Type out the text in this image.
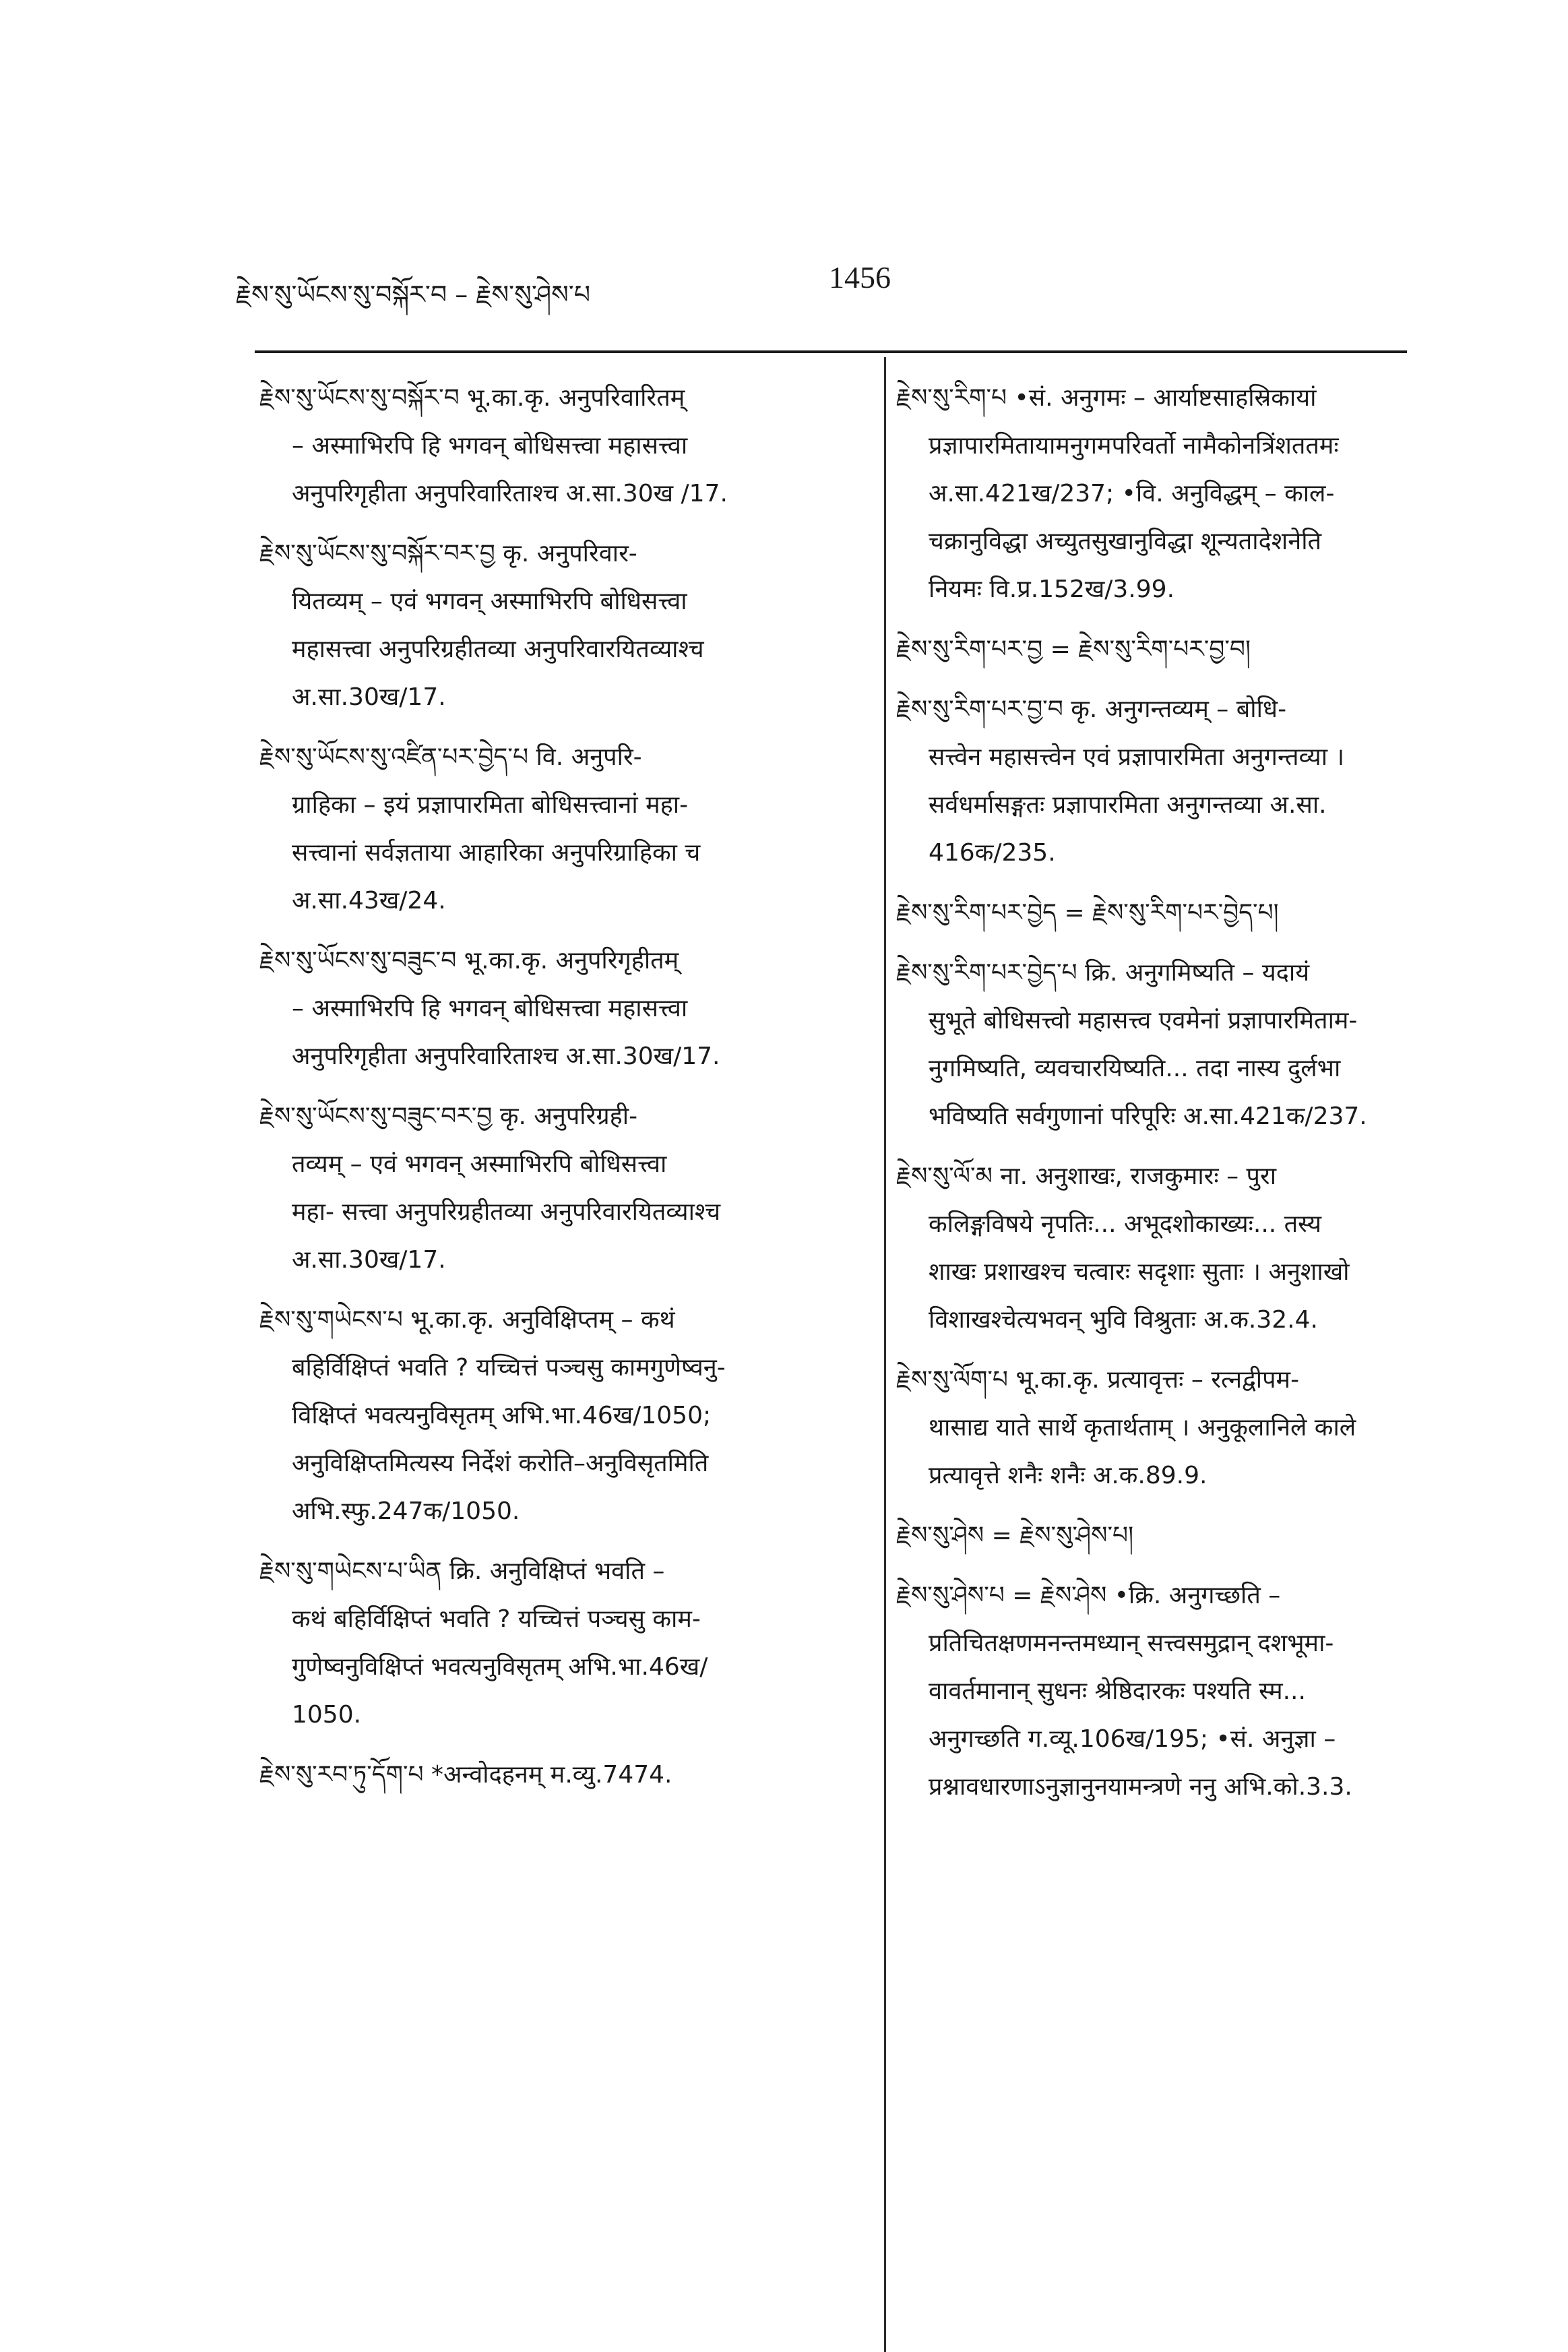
རྗེས་སུ་ཡོངས་སུ་བསྐོར་བ – རྗེས་སུ་ཤེས་པ	1456
རྗེས་སུ་ཡོངས་སུ་བསྐོར་བ भू.का.कृ. अनुपरिवारितम्
– अस्माभिरपि हि भगवन् बोधिसत्त्वा महासत्त्वा
अनुपरिगृहीता अनुपरिवारिताश्च अ.सा.30ख /17.
རྗེས་སུ་ཡོངས་སུ་བསྐོར་བར་བྱ कृ. अनुपरिवार-
यितव्यम् – एवं भगवन् अस्माभिरपि बोधिसत्त्वा
महासत्त्वा अनुपरिग्रहीतव्या अनुपरिवारयितव्याश्च
अ.सा.30ख/17.
རྗེས་སུ་ཡོངས་སུ་འཛིན་པར་བྱེད་པ वि. अनुपरि-
ग्राहिका – इयं प्रज्ञापारमिता बोधिसत्त्वानां महा-
सत्त्वानां सर्वज्ञताया आहारिका अनुपरिग्राहिका च
अ.सा.43ख/24.
རྗེས་སུ་ཡོངས་སུ་བཟུང་བ भू.का.कृ. अनुपरिगृहीतम्
– अस्माभिरपि हि भगवन् बोधिसत्त्वा महासत्त्वा
अनुपरिगृहीता अनुपरिवारिताश्च अ.सा.30ख/17.
རྗེས་སུ་ཡོངས་སུ་བཟུང་བར་བྱ कृ. अनुपरिग्रही-
तव्यम् – एवं भगवन् अस्माभिरपि बोधिसत्त्वा
महा- सत्त्वा अनुपरिग्रहीतव्या अनुपरिवारयितव्याश्च
अ.सा.30ख/17.
རྗེས་སུ་གཡེངས་པ भू.का.कृ. अनुविक्षिप्तम् – कथं
बहिर्विक्षिप्तं भवति ? यच्चित्तं पञ्चसु कामगुणेष्वनु-
विक्षिप्तं भवत्यनुविसृतम् अभि.भा.46ख/1050;
अनुविक्षिप्तमित्यस्य निर्देशं करोति–अनुविसृतमिति
अभि.स्फु.247क/1050.
རྗེས་སུ་གཡེངས་པ་ཡིན क्रि. अनुविक्षिप्तं भवति –
कथं बहिर्विक्षिप्तं भवति ? यच्चित्तं पञ्चसु काम-
गुणेष्वनुविक्षिप्तं भवत्यनुविसृतम् अभि.भा.46ख/
1050.
རྗེས་སུ་རབ་ཏུ་དོག་པ *अन्वोदहनम् म.व्यु.7474.
རྗེས་སུ་རིག་པ •सं. अनुगमः – आर्याष्टसाहस्रिकायां
प्रज्ञापारमितायामनुगमपरिवर्तो नामैकोनत्रिंशततमः
अ.सा.421ख/237; •वि. अनुविद्धम् – काल-
चक्रानुविद्धा अच्युतसुखानुविद्धा शून्यतादेशनेति
नियमः वि.प्र.152ख/3.99.
རྗེས་སུ་རིག་པར་བྱ = རྗེས་སུ་རིག་པར་བྱ་བ།
རྗེས་སུ་རིག་པར་བྱ་བ कृ. अनुगन्तव्यम् – बोधि-
सत्त्वेन महासत्त्वेन एवं प्रज्ञापारमिता अनुगन्तव्या ।
सर्वधर्मासङ्गतः प्रज्ञापारमिता अनुगन्तव्या अ.सा.
416क/235.
རྗེས་སུ་རིག་པར་བྱེད = རྗེས་སུ་རིག་པར་བྱེད་པ།
རྗེས་སུ་རིག་པར་བྱེད་པ क्रि. अनुगमिष्यति – यदायं
सुभूते बोधिसत्त्वो महासत्त्व एवमेनां प्रज्ञापारमिताम-
नुगमिष्यति, व्यवचारयिष्यति... तदा नास्य दुर्लभा
भविष्यति सर्वगुणानां परिपूरिः अ.सा.421क/237.
རྗེས་སུ་ལོ་མ ना. अनुशाखः, राजकुमारः – पुरा
कलिङ्गविषये नृपतिः... अभूदशोकाख्यः... तस्य
शाखः प्रशाखश्च चत्वारः सदृशाः सुताः । अनुशाखो
विशाखश्चेत्यभवन् भुवि विश्रुताः अ.क.32.4.
རྗེས་སུ་ལོག་པ भू.का.कृ. प्रत्यावृत्तः – रत्नद्वीपम-
थासाद्य याते सार्थे कृतार्थताम् । अनुकूलानिले काले
प्रत्यावृत्ते शनैः शनैः अ.क.89.9.
རྗེས་སུ་ཤེས = རྗེས་སུ་ཤེས་པ།
རྗེས་སུ་ཤེས་པ = རྗེས་ཤེས •क्रि. अनुगच्छति –
प्रतिचितक्षणमनन्तमध्यान् सत्त्वसमुद्रान् दशभूमा-
वावर्तमानान् सुधनः श्रेष्ठिदारकः पश्यति स्म...
अनुगच्छति ग.व्यू.106ख/195; •सं. अनुज्ञा –
प्रश्नावधारणाऽनुज्ञानुनयामन्त्रणे ननु अभि.को.3.3.
